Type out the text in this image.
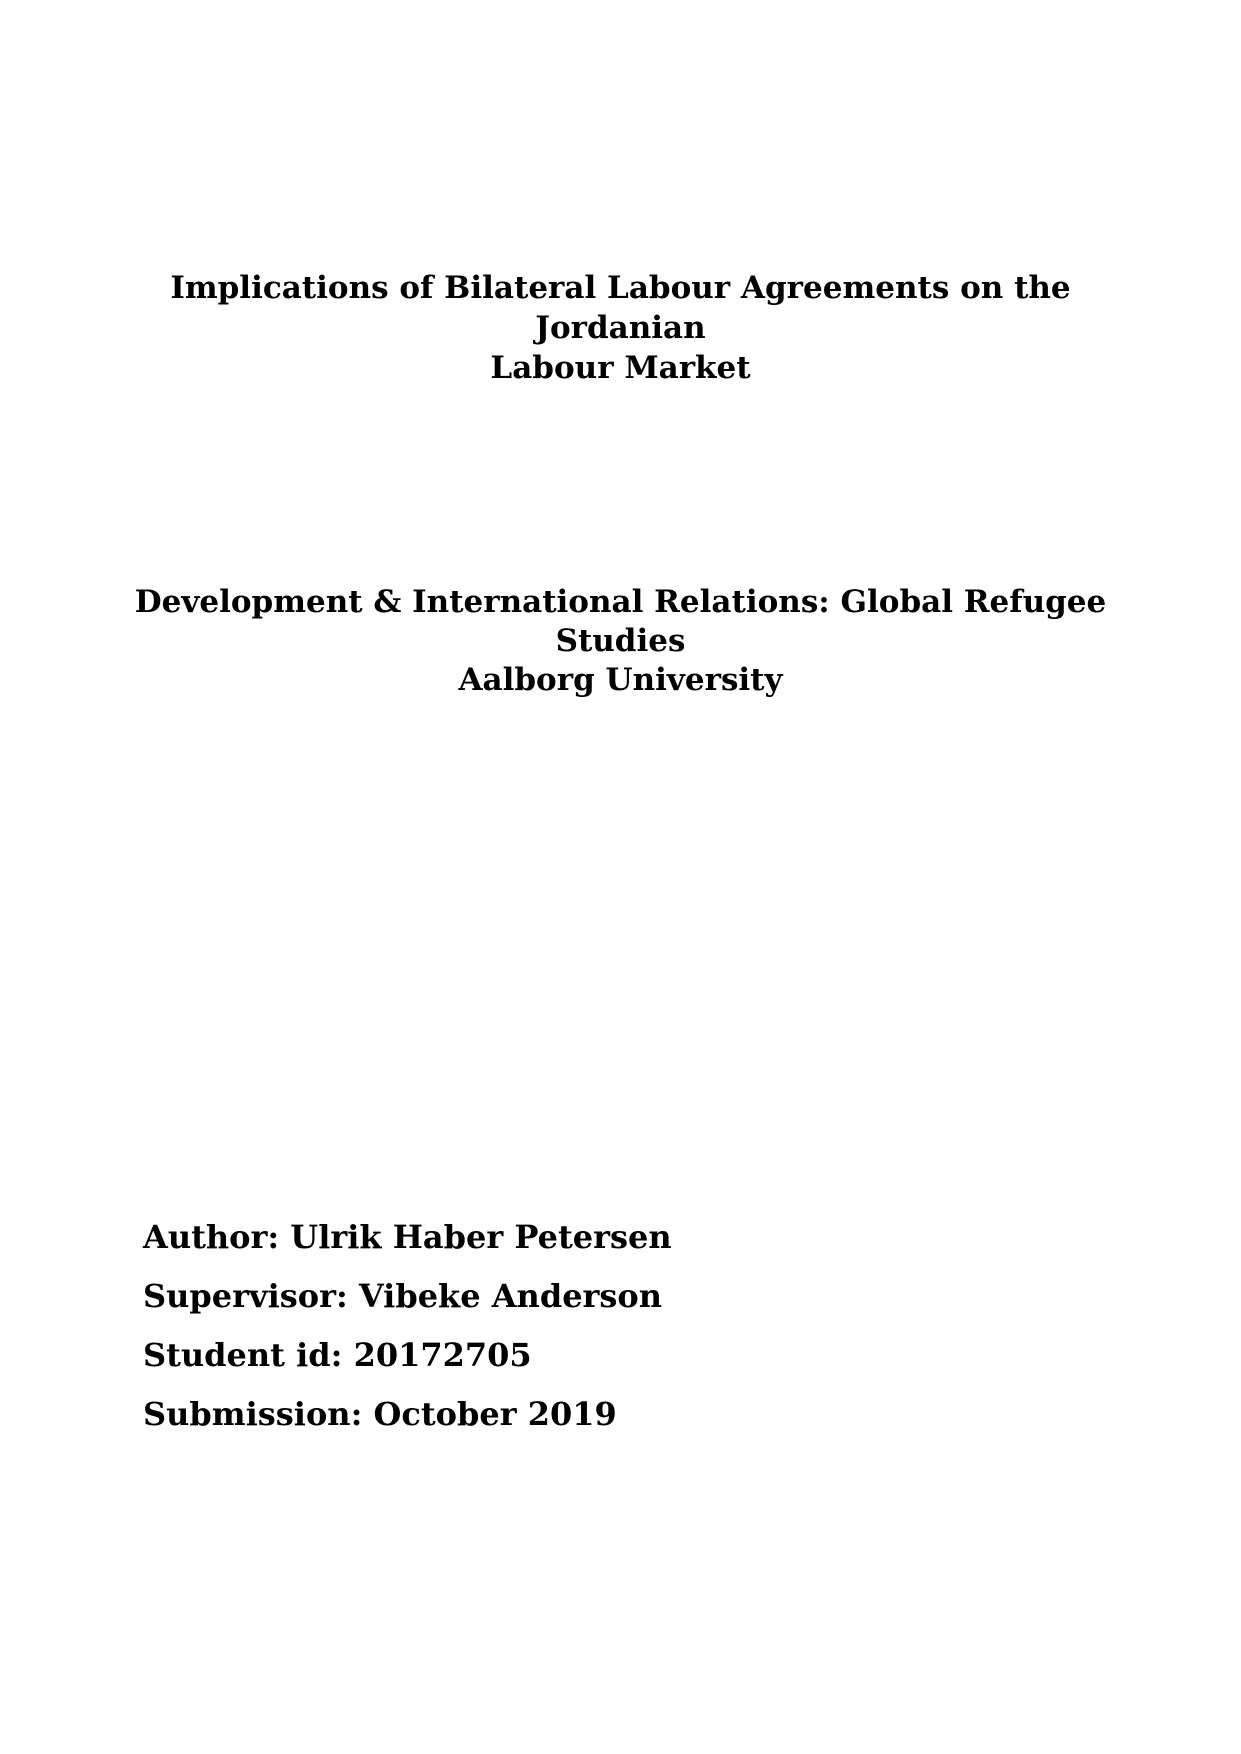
Implications of Bilateral Labour Agreements on the Jordanian
Labour Market
Development & International Relations: Global Refugee
Studies
Aalborg University
Author: Ulrik Haber Petersen
Supervisor: Vibeke Anderson
Student id: 20172705
Submission: October 2019
